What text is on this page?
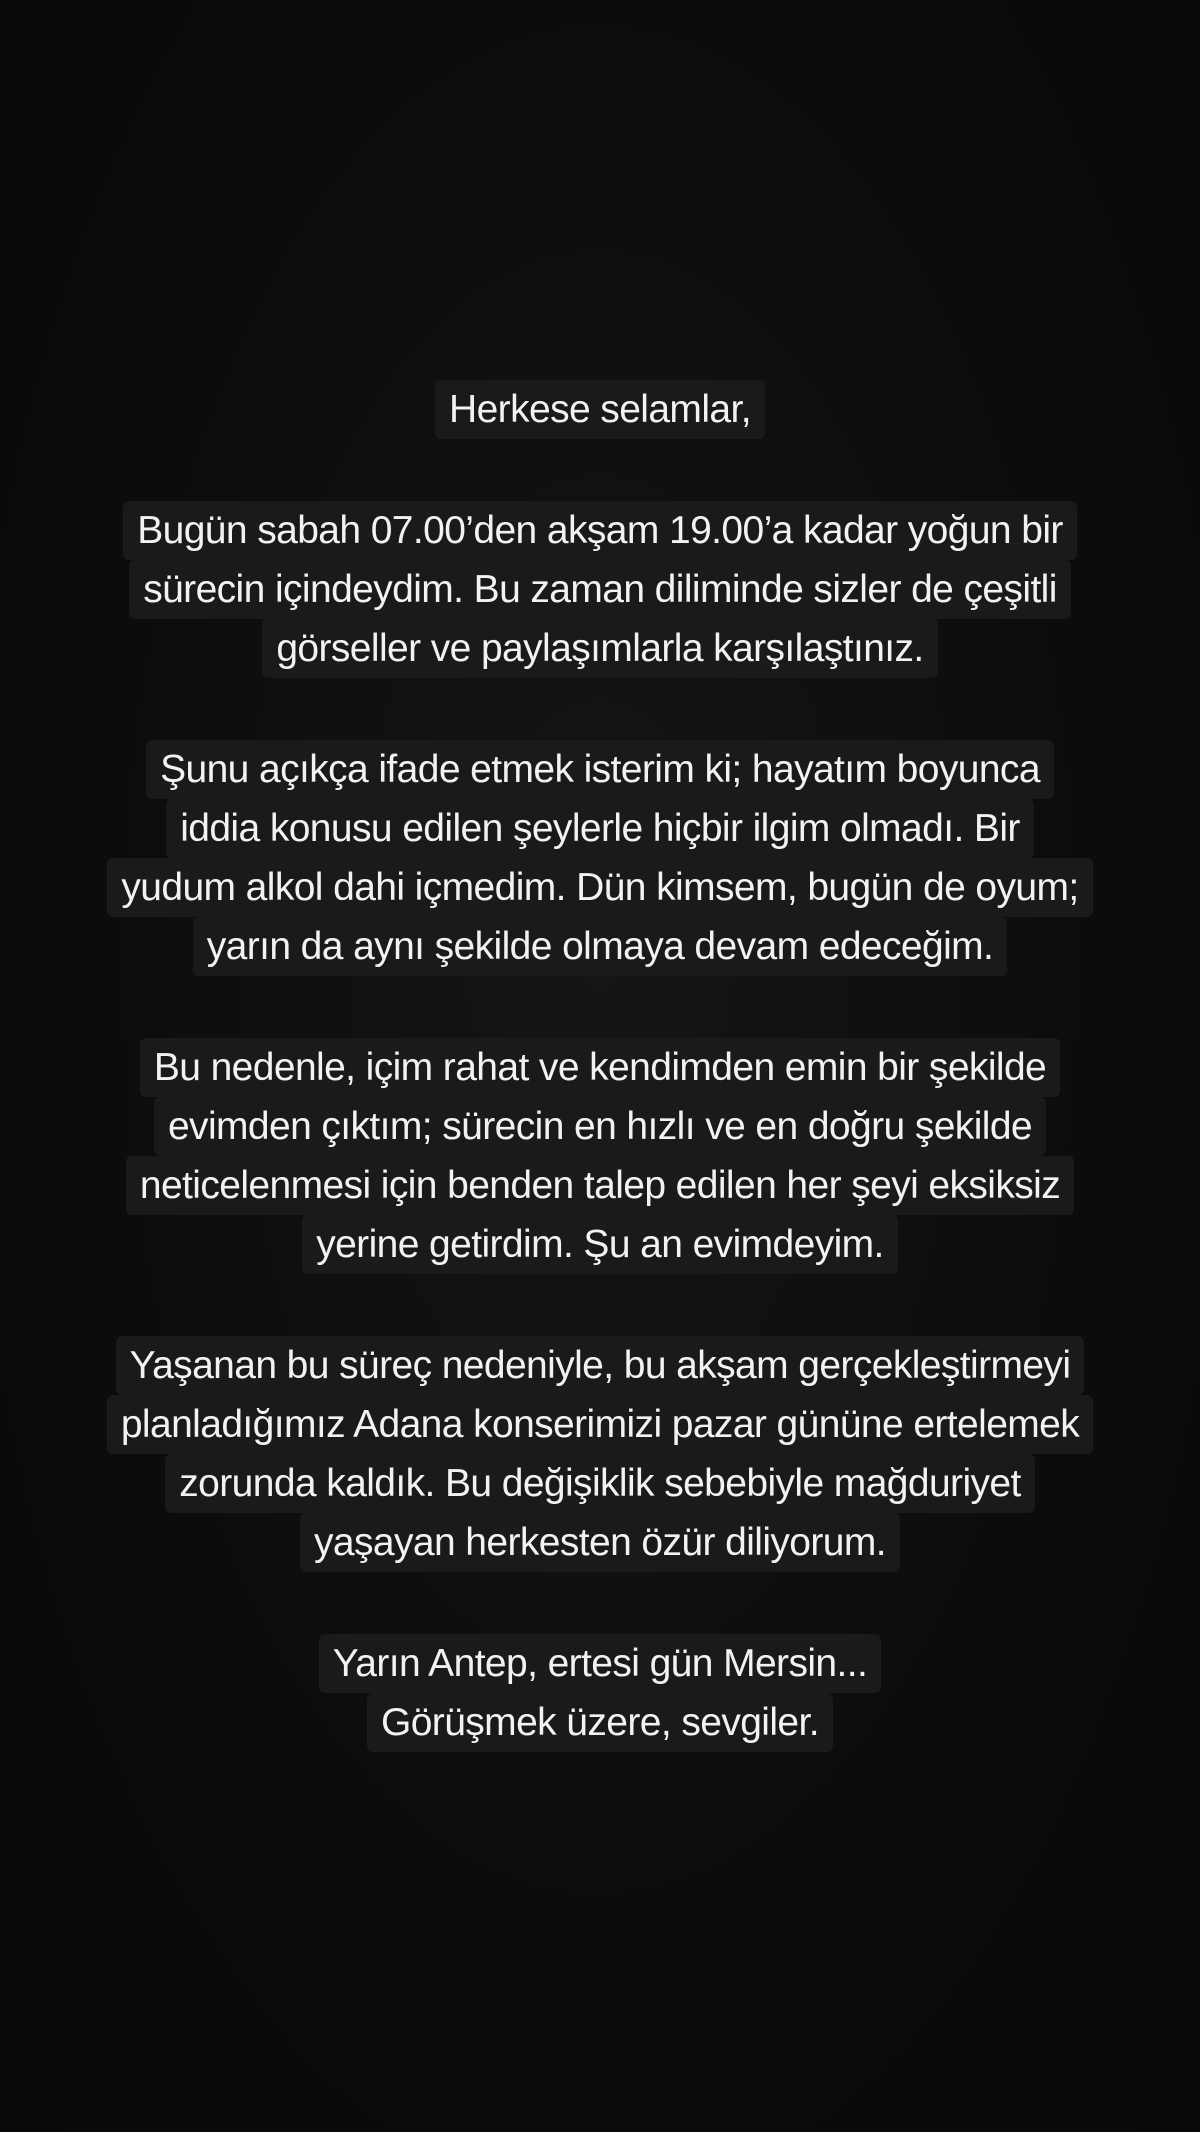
Herkese selamlar,
Bugün sabah 07.00’den akşam 19.00’a kadar yoğun bir
sürecin içindeydim. Bu zaman diliminde sizler de çeşitli
görseller ve paylaşımlarla karşılaştınız.
Şunu açıkça ifade etmek isterim ki; hayatım boyunca
iddia konusu edilen şeylerle hiçbir ilgim olmadı. Bir
yudum alkol dahi içmedim. Dün kimsem, bugün de oyum;
yarın da aynı şekilde olmaya devam edeceğim.
Bu nedenle, içim rahat ve kendimden emin bir şekilde
evimden çıktım; sürecin en hızlı ve en doğru şekilde
neticelenmesi için benden talep edilen her şeyi eksiksiz
yerine getirdim. Şu an evimdeyim.
Yaşanan bu süreç nedeniyle, bu akşam gerçekleştirmeyi
planladığımız Adana konserimizi pazar gününe ertelemek
zorunda kaldık. Bu değişiklik sebebiyle mağduriyet
yaşayan herkesten özür diliyorum.
Yarın Antep, ertesi gün Mersin...
Görüşmek üzere, sevgiler.
